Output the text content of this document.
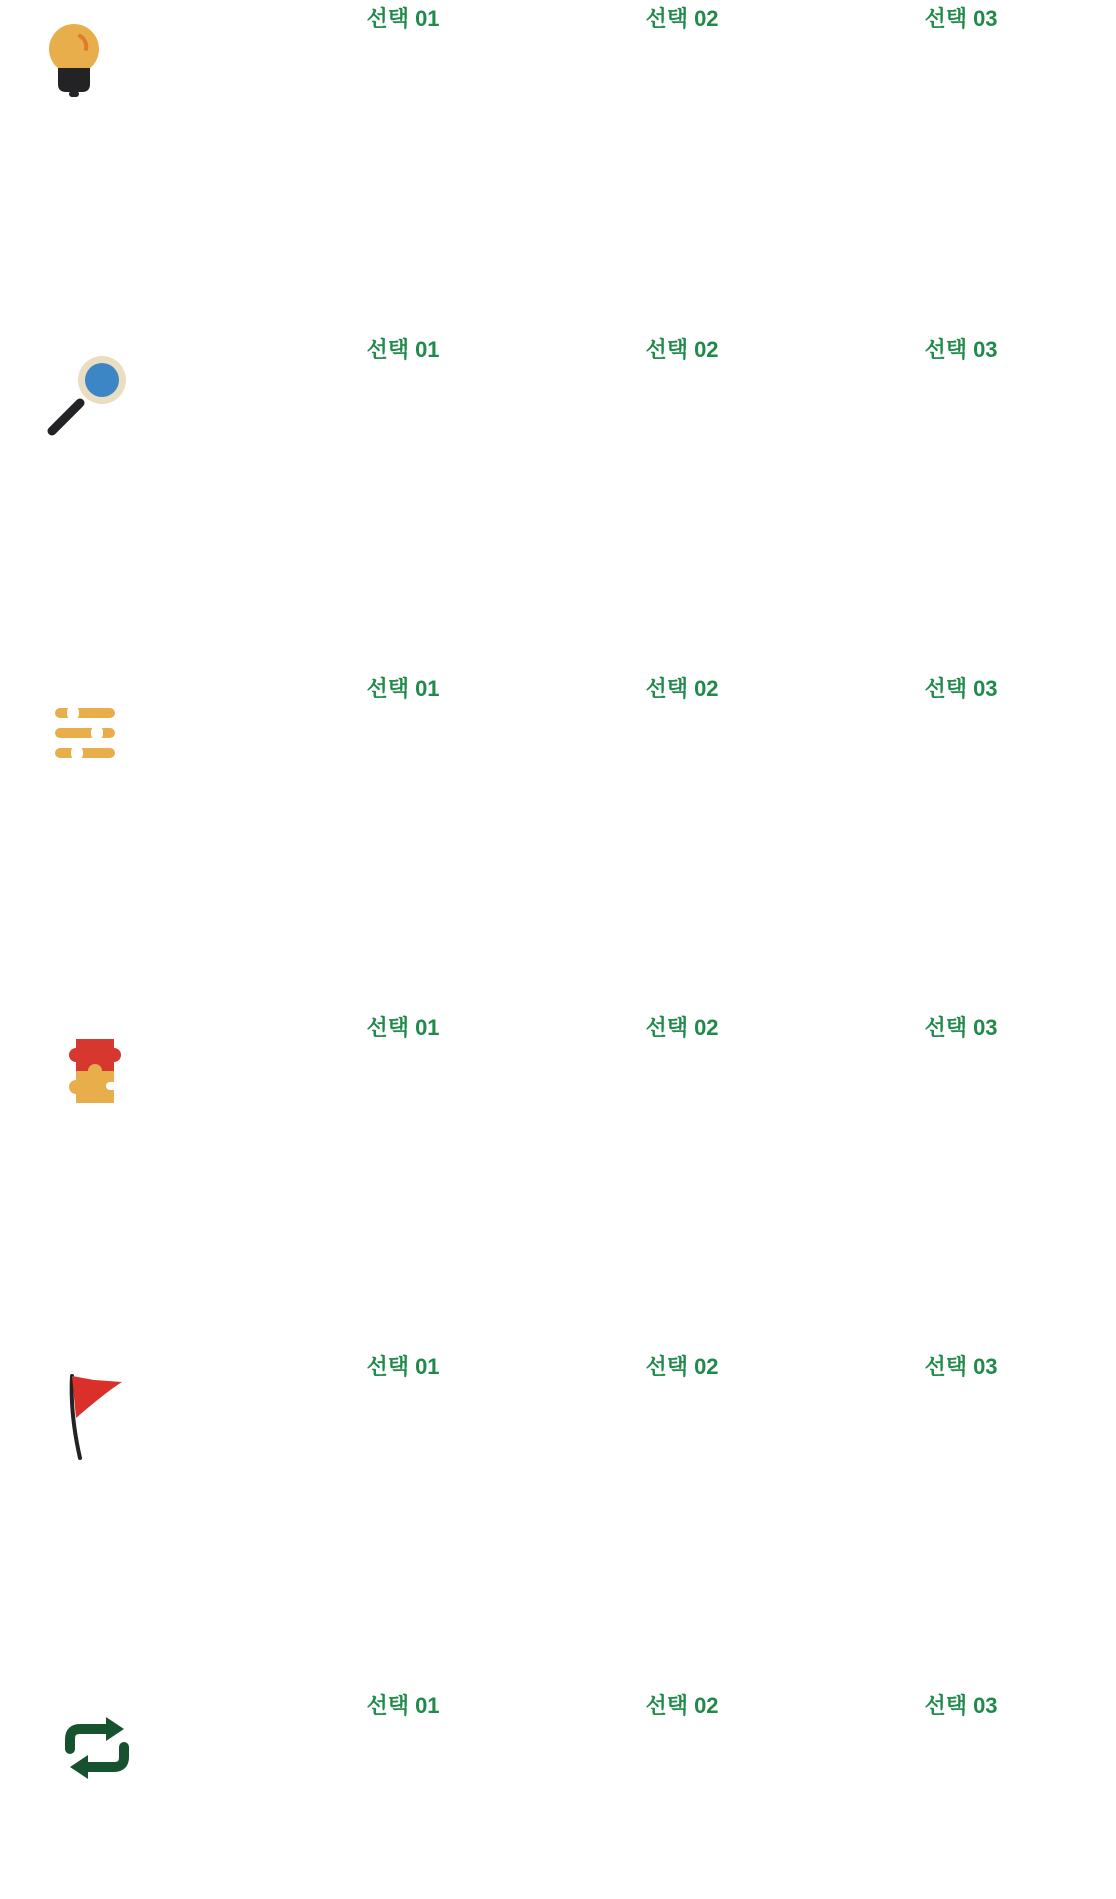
선택 01	선택 02	선택 03
선택 01	선택 02	선택 03
선택 01	선택 02	선택 03
선택 01	선택 02	선택 03
선택 01	선택 02	선택 03
선택 01	선택 02	선택 03
